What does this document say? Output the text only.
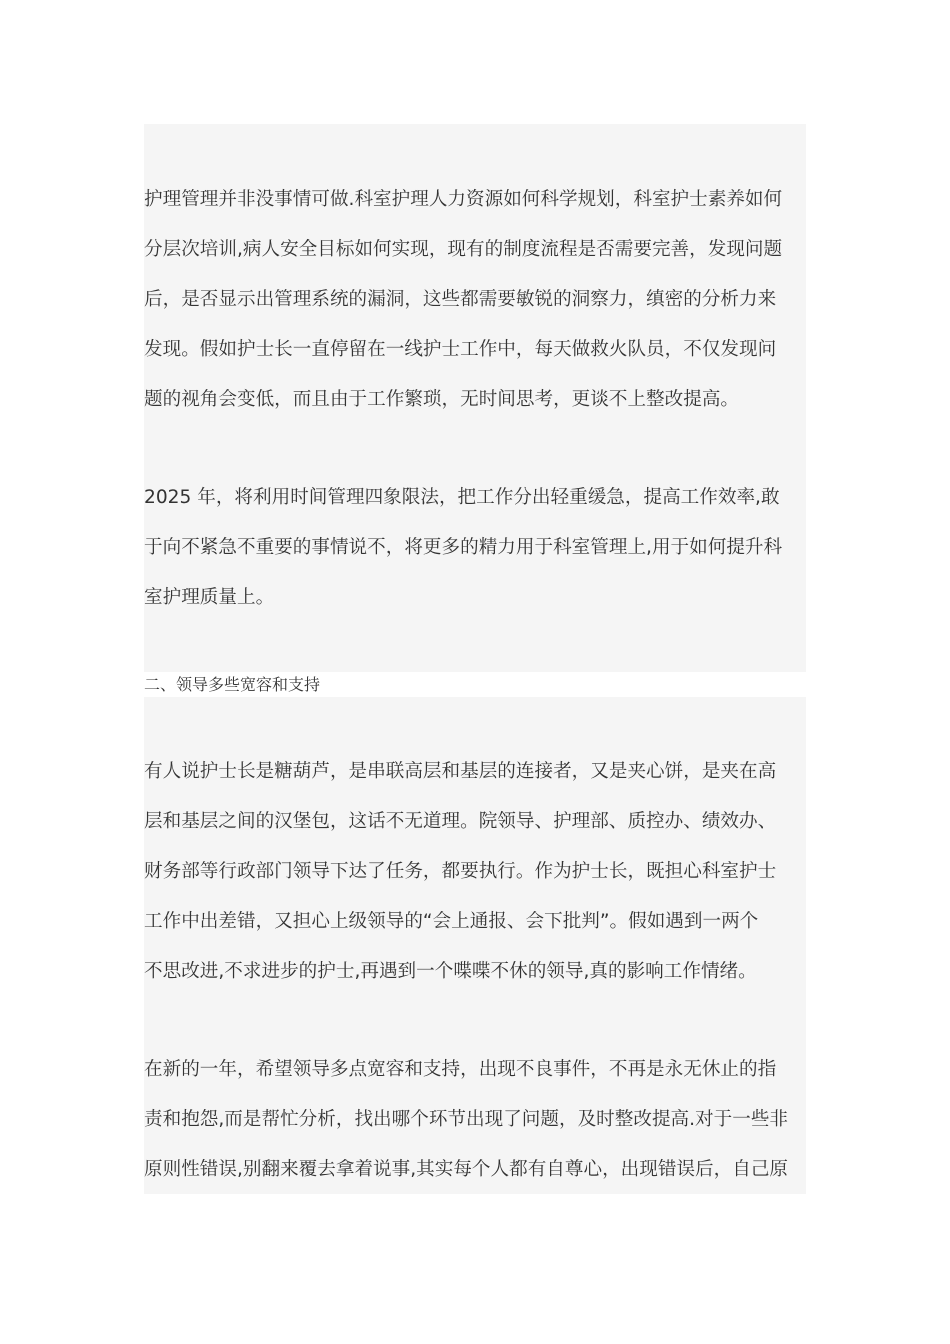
护理管理并非没事情可做.科室护理人力资源如何科学规划，科室护士素养如何
分层次培训,病人安全目标如何实现，现有的制度流程是否需要完善，发现问题
后，是否显示出管理系统的漏洞，这些都需要敏锐的洞察力，缜密的分析力来
发现。假如护士长一直停留在一线护士工作中，每天做救火队员，不仅发现问
题的视角会变低，而且由于工作繁琐，无时间思考，更谈不上整改提高。

2025 年，将利用时间管理四象限法，把工作分出轻重缓急，提高工作效率,敢
于向不紧急不重要的事情说不，将更多的精力用于科室管理上,用于如何提升科
室护理质量上。

二、领导多些宽容和支持

有人说护士长是糖葫芦，是串联高层和基层的连接者，又是夹心饼，是夹在高
层和基层之间的汉堡包，这话不无道理。院领导、护理部、质控办、绩效办、
财务部等行政部门领导下达了任务，都要执行。作为护士长，既担心科室护士
工作中出差错，又担心上级领导的“会上通报、会下批判”。假如遇到一两个
不思改进,不求进步的护士,再遇到一个喋喋不休的领导,真的影响工作情绪。

在新的一年，希望领导多点宽容和支持，出现不良事件，不再是永无休止的指
责和抱怨,而是帮忙分析，找出哪个环节出现了问题，及时整改提高.对于一些非
原则性错误,别翻来覆去拿着说事,其实每个人都有自尊心，出现错误后，自己原
